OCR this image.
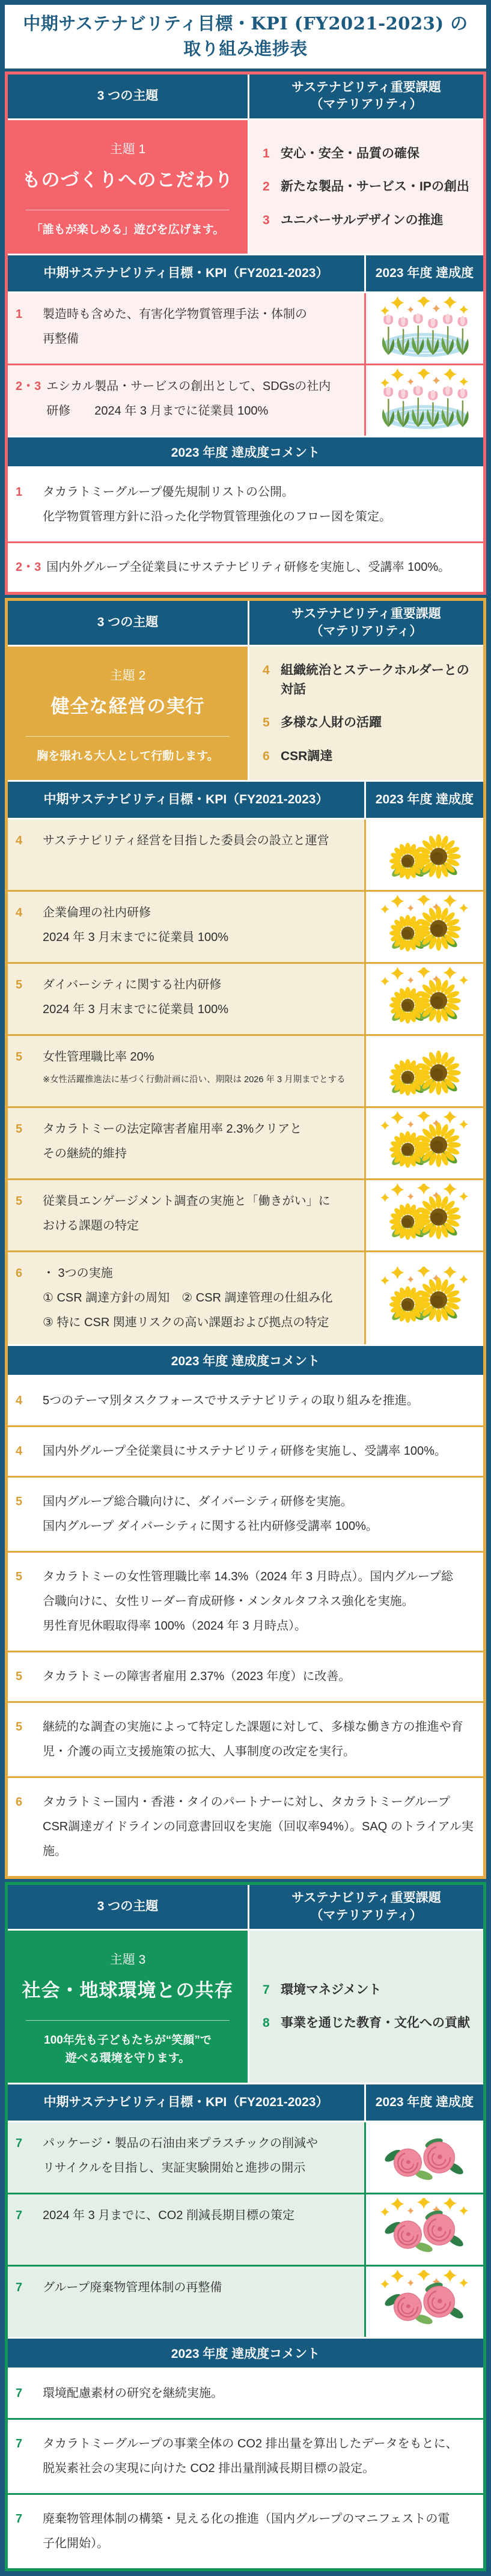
中期サステナビリティ目標・KPI (FY2021-2023) の
取り組み進捗表
3 つの主題
サステナビリティ重要課題
（マテリアリティ）
主題 1
ものづくりへのこだわり
「誰もが楽しめる」遊びを広げます。
1 安心・安全・品質の確保
2 新たな製品・サービス・IPの創出
3 ユニバーサルデザインの推進
中期サステナビリティ目標・KPI（FY2021-2023）	2023 年度 達成度
1	製造時も含めた、有害化学物質管理手法・体制の
再整備
2・3 エシカル製品・サービスの創出として、SDGsの社内
研修　　2024 年 3 月までに従業員 100%
2023 年度 達成度コメント
1	タカラトミーグループ優先規制リストの公開。
化学物質管理方針に沿った化学物質管理強化のフロー図を策定。
2・3 国内外グループ全従業員にサステナビリティ研修を実施し、受講率 100%。
3 つの主題
サステナビリティ重要課題
（マテリアリティ）
主題 2
健全な経営の実行
胸を張れる大人として行動します。
4 組織統治とステークホルダーとの対話
5 多様な人財の活躍
6 CSR調達
中期サステナビリティ目標・KPI（FY2021-2023）	2023 年度 達成度
4	サステナビリティ経営を目指した委員会の設立と運営
4	企業倫理の社内研修
2024 年 3 月末までに従業員 100%
5	ダイバーシティに関する社内研修
2024 年 3 月末までに従業員 100%
5	女性管理職比率 20%
※女性活躍推進法に基づく行動計画に沿い、期限は 2026 年 3 月期までとする
5	タカラトミーの法定障害者雇用率 2.3%クリアと
その継続的維持
5	従業員エンゲージメント調査の実施と「働きがい」に
おける課題の特定
6	・ 3つの実施
① CSR 調達方針の周知　② CSR 調達管理の仕組み化
③ 特に CSR 関連リスクの高い課題および拠点の特定
2023 年度 達成度コメント
4	5つのテーマ別タスクフォースでサステナビリティの取り組みを推進。
4	国内外グループ全従業員にサステナビリティ研修を実施し、受講率 100%。
5	国内グループ総合職向けに、ダイバーシティ研修を実施。
国内グループ ダイバーシティに関する社内研修受講率 100%。
5	タカラトミーの女性管理職比率 14.3%（2024 年 3 月時点）。国内グループ総
合職向けに、女性リーダー育成研修・メンタルタフネス強化を実施。
男性育児休暇取得率 100%（2024 年 3 月時点）。
5	タカラトミーの障害者雇用 2.37%（2023 年度）に改善。
5	継続的な調査の実施によって特定した課題に対して、多様な働き方の推進や育
児・介護の両立支援施策の拡大、人事制度の改定を実行。
6	タカラトミー国内・香港・タイのパートナーに対し、タカラトミーグループ
CSR調達ガイドラインの同意書回収を実施（回収率94%）。SAQ のトライアル実施。
3 つの主題
サステナビリティ重要課題
（マテリアリティ）
主題 3
社会・地球環境との共存
100年先も子どもたちが“笑顔”で
遊べる環境を守ります。
7 環境マネジメント
8 事業を通じた教育・文化への貢献
中期サステナビリティ目標・KPI（FY2021-2023）	2023 年度 達成度
7	パッケージ・製品の石油由来プラスチックの削減や
リサイクルを目指し、実証実験開始と進捗の開示
7	2024 年 3 月までに、CO2 削減長期目標の策定
7	グループ廃棄物管理体制の再整備
2023 年度 達成度コメント
7	環境配慮素材の研究を継続実施。
7	タカラトミーグループの事業全体の CO2 排出量を算出したデータをもとに、
脱炭素社会の実現に向けた CO2 排出量削減長期目標の設定。
7	廃棄物管理体制の構築・見える化の推進（国内グループのマニフェストの電
子化開始）。
